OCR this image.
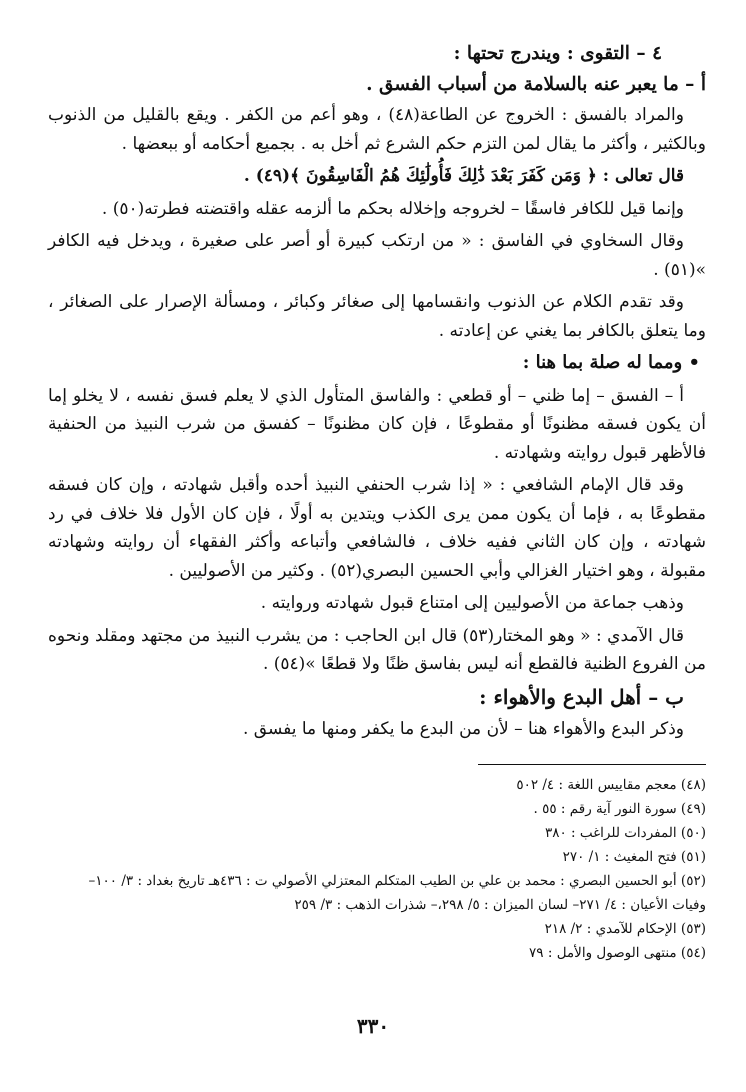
٤ – التقوى : ويندرج تحتها :
أ – ما يعبر عنه بالسلامة من أسباب الفسق .

والمراد بالفسق : الخروج عن الطاعة(٤٨) ، وهو أعم من الكفر . ويقع بالقليل من الذنوب وبالكثير ، وأكثر ما يقال لمن التزم حكم الشرع ثم أخل به . بجميع أحكامه أو ببعضها .

قال تعالى : ﴿ وَمَن كَفَرَ بَعْدَ ذَٰلِكَ فَأُولَٰئِكَ هُمُ الْفَاسِقُونَ ﴾(٤٩) .

وإنما قيل للكافر فاسقًا – لخروجه وإخلاله بحكم ما ألزمه عقله واقتضته فطرته(٥٠) .

وقال السخاوي في الفاسق : « من ارتكب كبيرة أو أصر على صغيرة ، ويدخل فيه الكافر »(٥١) .

وقد تقدم الكلام عن الذنوب وانقسامها إلى صغائر وكبائر ، ومسألة الإصرار على الصغائر ، وما يتعلق بالكافر بما يغني عن إعادته .

• ومما له صلة بما هنا :

أ – الفسق – إما ظني – أو قطعي : والفاسق المتأول الذي لا يعلم فسق نفسه ، لا يخلو إما أن يكون فسقه مظنونًا أو مقطوعًا ، فإن كان مظنونًا – كفسق من شرب النبيذ من الحنفية فالأظهر قبول روايته وشهادته .

وقد قال الإمام الشافعي : « إذا شرب الحنفي النبيذ أحده وأقبل شهادته ، وإن كان فسقه مقطوعًا به ، فإما أن يكون ممن يرى الكذب ويتدين به أولًا ، فإن كان الأول فلا خلاف في رد شهادته ، وإن كان الثاني ففيه خلاف ، فالشافعي وأتباعه وأكثر الفقهاء أن روايته وشهادته مقبولة ، وهو اختيار الغزالي وأبي الحسين البصري(٥٢) . وكثير من الأصوليين .

وذهب جماعة من الأصوليين إلى امتناع قبول شهادته وروايته .

قال الآمدي : « وهو المختار(٥٣) قال ابن الحاجب : من يشرب النبيذ من مجتهد ومقلد ونحوه من الفروع الظنية فالقطع أنه ليس بفاسق ظنًا ولا قطعًا »(٥٤) .

ب – أهل البدع والأهواء :

وذكر البدع والأهواء هنا – لأن من البدع ما يكفر ومنها ما يفسق .

(٤٨) معجم مقاييس اللغة : ٤/ ٥٠٢
(٤٩) سورة النور آية رقم : ٥٥ .
(٥٠) المفردات للراغب : ٣٨٠
(٥١) فتح المغيث : ١/ ٢٧٠
(٥٢) أبو الحسين البصري : محمد بن علي بن الطيب المتكلم المعتزلي الأصولي ت : ٤٣٦هـ تاريخ بغداد : ٣/ ١٠٠–
وفيات الأعيان : ٤/ ٢٧١– لسان الميزان : ٥/ ٢٩٨،– شذرات الذهب : ٣/ ٢٥٩
(٥٣) الإحكام للآمدي : ٢/ ٢١٨
(٥٤) منتهى الوصول والأمل : ٧٩
٣٣٠
